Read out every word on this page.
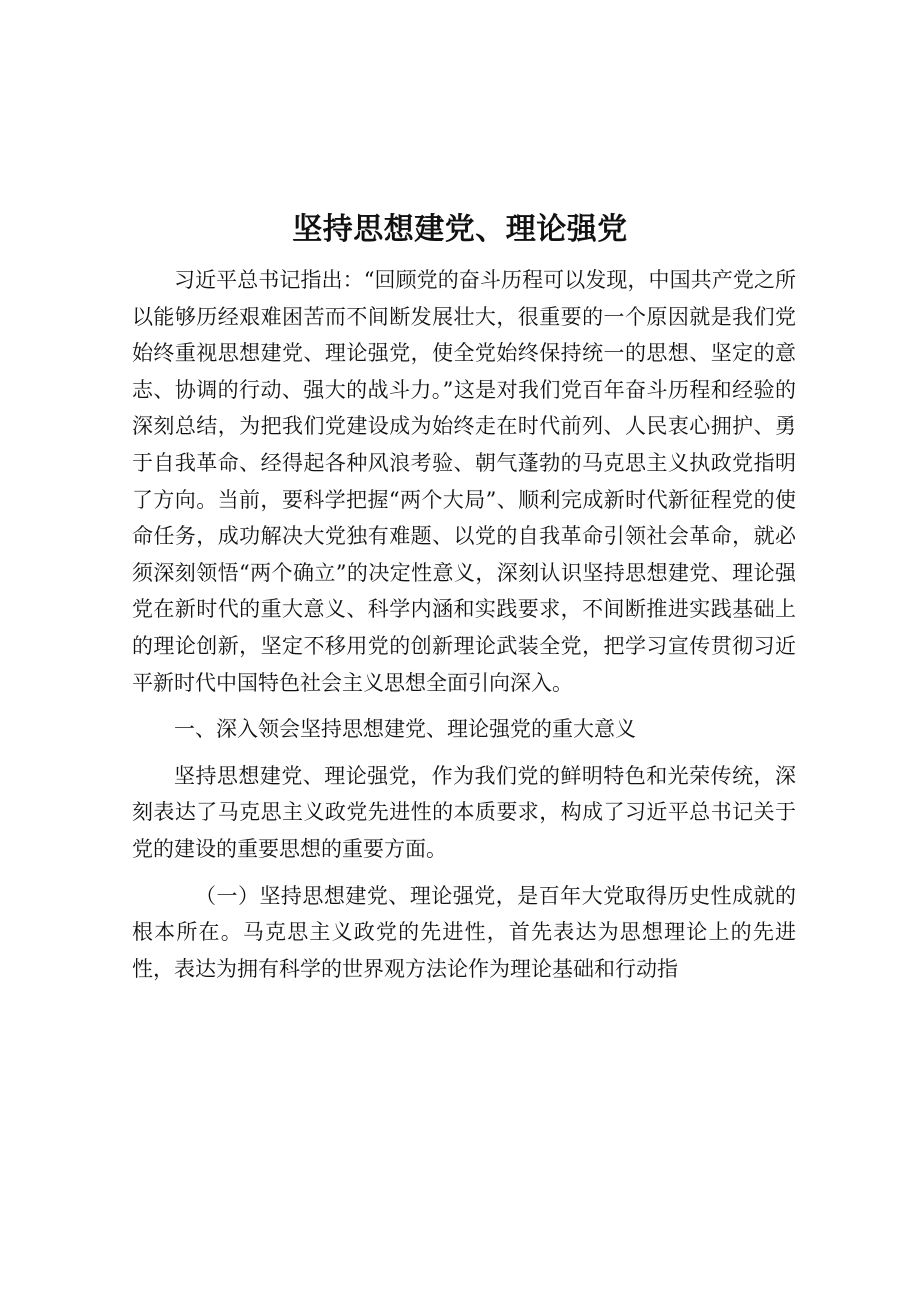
坚持思想建党、理论强党

习近平总书记指出：“回顾党的奋斗历程可以发现，中国共产党之所以能够历经艰难困苦而不间断发展壮大，很重要的一个原因就是我们党始终重视思想建党、理论强党，使全党始终保持统一的思想、坚定的意志、协调的行动、强大的战斗力。”这是对我们党百年奋斗历程和经验的深刻总结，为把我们党建设成为始终走在时代前列、人民衷心拥护、勇于自我革命、经得起各种风浪考验、朝气蓬勃的马克思主义执政党指明了方向。当前，要科学把握“两个大局”、顺利完成新时代新征程党的使命任务，成功解决大党独有难题、以党的自我革命引领社会革命，就必须深刻领悟“两个确立”的决定性意义，深刻认识坚持思想建党、理论强党在新时代的重大意义、科学内涵和实践要求，不间断推进实践基础上的理论创新，坚定不移用党的创新理论武装全党，把学习宣传贯彻习近平新时代中国特色社会主义思想全面引向深入。

一、深入领会坚持思想建党、理论强党的重大意义

坚持思想建党、理论强党，作为我们党的鲜明特色和光荣传统，深刻表达了马克思主义政党先进性的本质要求，构成了习近平总书记关于党的建设的重要思想的重要方面。

（一）坚持思想建党、理论强党，是百年大党取得历史性成就的根本所在。马克思主义政党的先进性，首先表达为思想理论上的先进性，表达为拥有科学的世界观方法论作为理论基础和行动指
